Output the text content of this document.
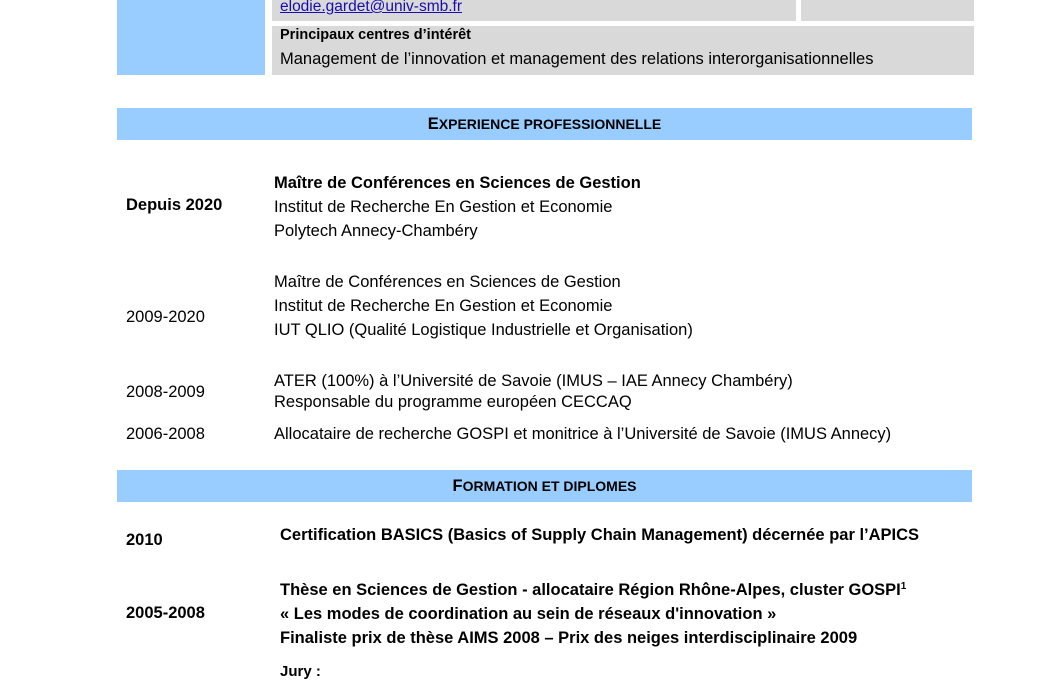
elodie.gardet@univ-smb.fr
Principaux centres d’intérêt
Management de l’innovation et management des relations interorganisationnelles
EXPERIENCE PROFESSIONNELLE
Depuis 2020
Maître de Conférences en Sciences de Gestion
Institut de Recherche En Gestion et Economie
Polytech Annecy-Chambéry
2009-2020
Maître de Conférences en Sciences de Gestion
Institut de Recherche En Gestion et Economie
IUT QLIO (Qualité Logistique Industrielle et Organisation)
2008-2009
ATER (100%) à l’Université de Savoie (IMUS – IAE Annecy Chambéry)
Responsable du programme européen CECCAQ
2006-2008	Allocataire de recherche GOSPI et monitrice à l’Université de Savoie (IMUS Annecy)
FORMATION ET DIPLOMES
2010	Certification BASICS (Basics of Supply Chain Management) décernée par l’APICS
2005-2008
Thèse en Sciences de Gestion - allocataire Région Rhône-Alpes, cluster GOSPI$^1$
« Les modes de coordination au sein de réseaux d'innovation »
Finaliste prix de thèse AIMS 2008 – Prix des neiges interdisciplinaire 2009
Jury :
